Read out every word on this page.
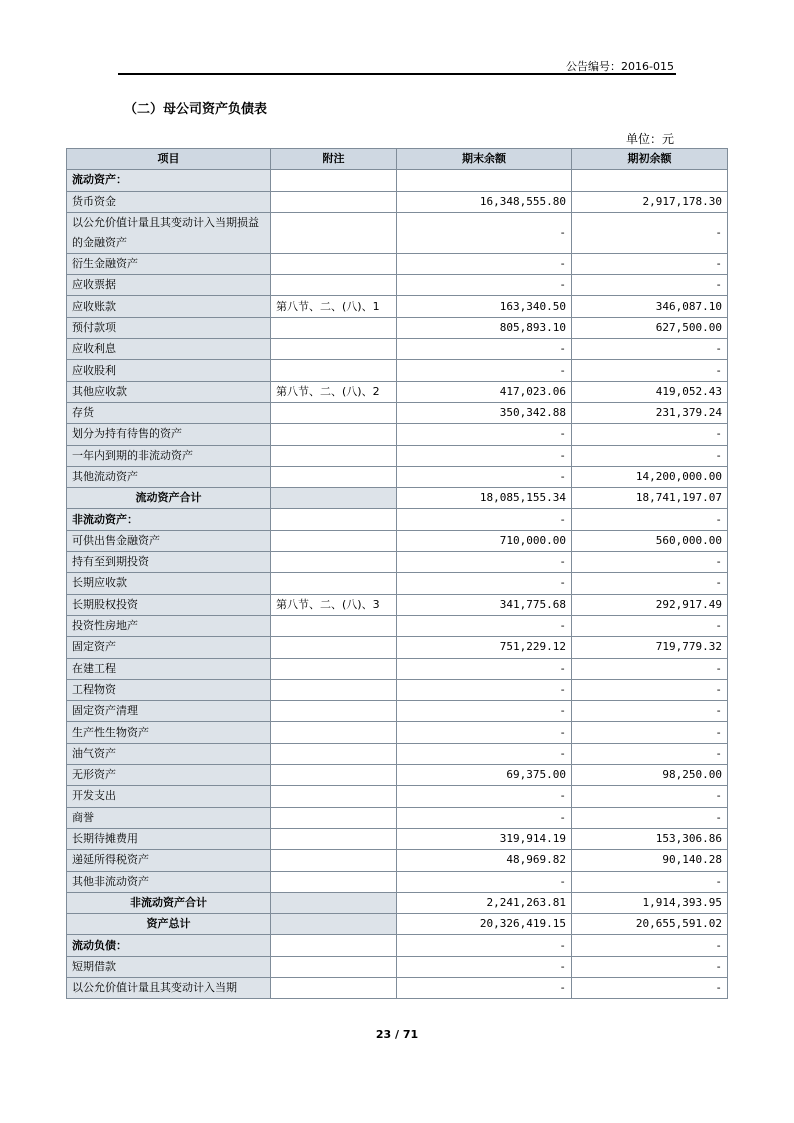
公告编号：2016-015
（二）母公司资产负债表
单位：元
项目	附注	期末余额	期初余额
流动资产：			
货币资金		16,348,555.80	2,917,178.30
以公允价值计量且其变动计入当期损益的金融资产		-	-
衍生金融资产		-	-
应收票据		-	-
应收账款	第八节、二、(八)、1	163,340.50	346,087.10
预付款项		805,893.10	627,500.00
应收利息		-	-
应收股利		-	-
其他应收款	第八节、二、(八)、2	417,023.06	419,052.43
存货		350,342.88	231,379.24
划分为持有待售的资产		-	-
一年内到期的非流动资产		-	-
其他流动资产		-	14,200,000.00
流动资产合计		18,085,155.34	18,741,197.07
非流动资产：		-	-
可供出售金融资产		710,000.00	560,000.00
持有至到期投资		-	-
长期应收款		-	-
长期股权投资	第八节、二、(八)、3	341,775.68	292,917.49
投资性房地产		-	-
固定资产		751,229.12	719,779.32
在建工程		-	-
工程物资		-	-
固定资产清理		-	-
生产性生物资产		-	-
油气资产		-	-
无形资产		69,375.00	98,250.00
开发支出		-	-
商誉		-	-
长期待摊费用		319,914.19	153,306.86
递延所得税资产		48,969.82	90,140.28
其他非流动资产		-	-
非流动资产合计		2,241,263.81	1,914,393.95
资产总计		20,326,419.15	20,655,591.02
流动负债：		-	-
短期借款		-	-
以公允价值计量且其变动计入当期		-	-
23 / 71
